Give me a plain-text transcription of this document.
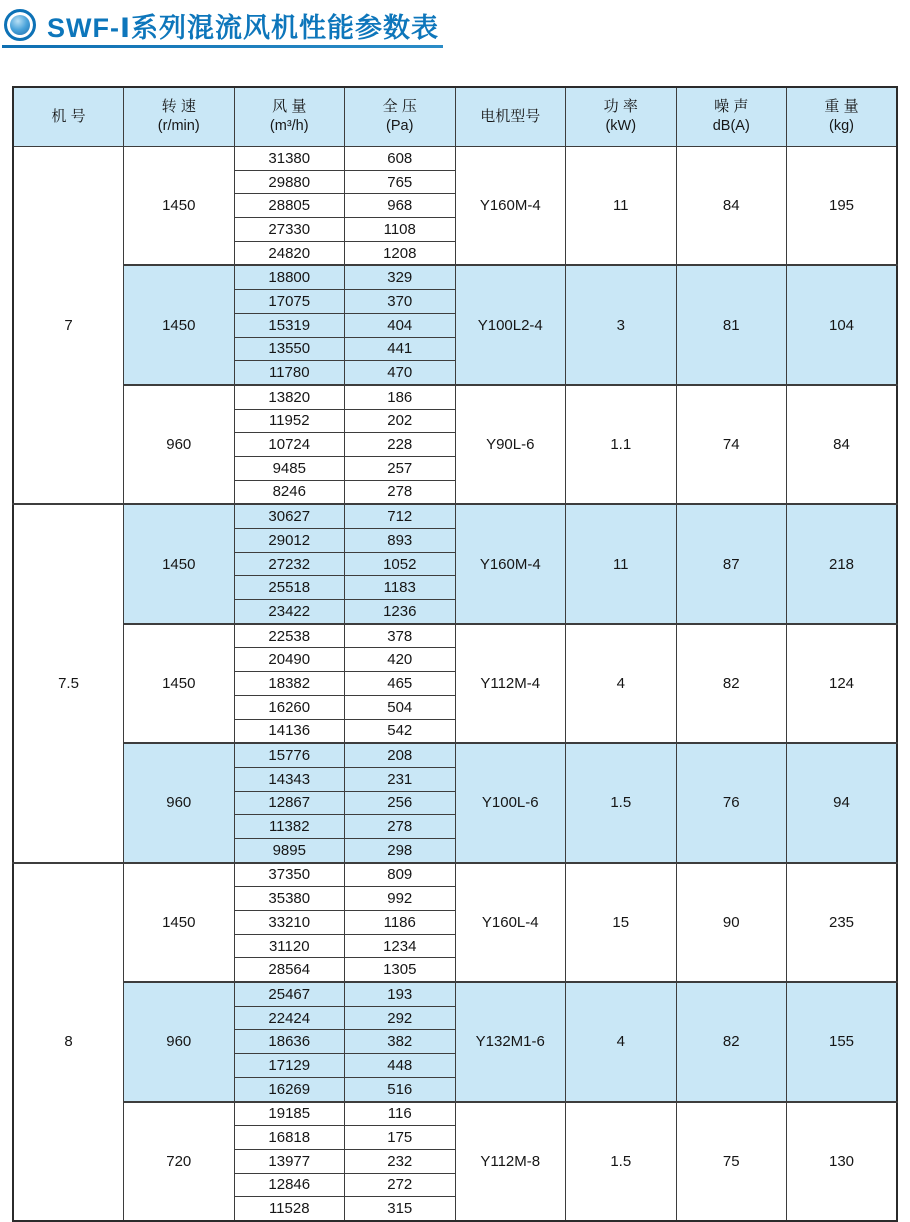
SWF-Ⅰ系列混流风机性能参数表
机 号

转 速
(r/min)

风 量
(m³/h)

全 压
(Pa)

电机型号

功 率
(kW)

噪 声
dB(A)

重 量
(kg)

7	1450	31380	608	Y160M-4	11	84	195
		29880	765				
		28805	968				
		27330	1108				
		24820	1208				
	1450	18800	329	Y100L2-4	3	81	104
		17075	370				
		15319	404				
		13550	441				
		11780	470				
	960	13820	186	Y90L-6	1.1	74	84
		11952	202				
		10724	228				
		9485	257				
		8246	278				
7.5	1450	30627	712	Y160M-4	11	87	218
		29012	893				
		27232	1052				
		25518	1183				
		23422	1236				
	1450	22538	378	Y112M-4	4	82	124
		20490	420				
		18382	465				
		16260	504				
		14136	542				
	960	15776	208	Y100L-6	1.5	76	94
		14343	231				
		12867	256				
		11382	278				
		9895	298				
8	1450	37350	809	Y160L-4	15	90	235
		35380	992				
		33210	1186				
		31120	1234				
		28564	1305				
	960	25467	193	Y132M1-6	4	82	155
		22424	292				
		18636	382				
		17129	448				
		16269	516				
	720	19185	116	Y112M-8	1.5	75	130
		16818	175				
		13977	232				
		12846	272				
		11528	315				
